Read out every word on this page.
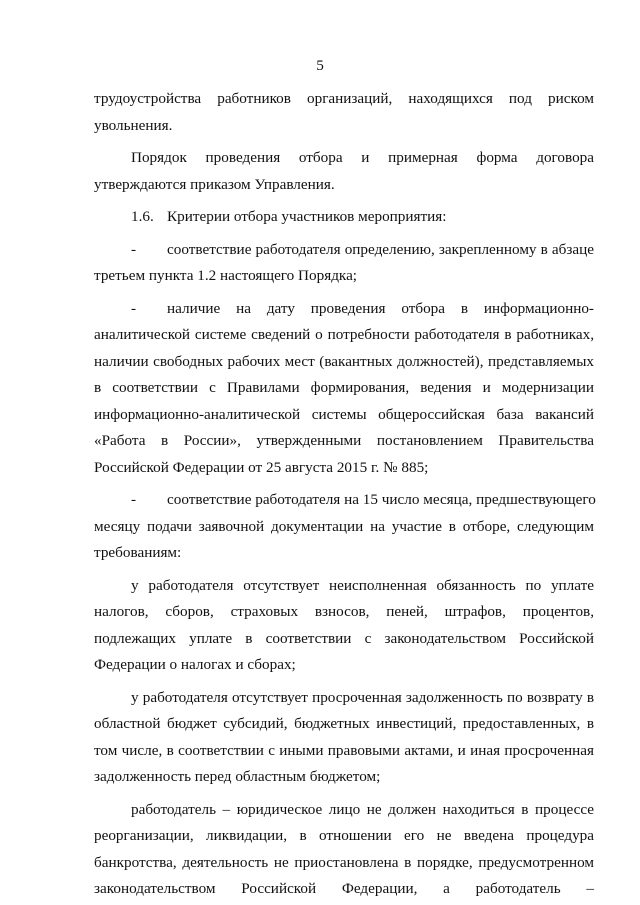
5
трудоустройства работников организаций, находящихся под риском
увольнения.
Порядок проведения отбора и примерная форма договора
утверждаются приказом Управления.
1.6. Критерии отбора участников мероприятия:
- соответствие работодателя определению, закрепленному в абзаце
третьем пункта 1.2 настоящего Порядка;
- наличие на дату проведения отбора в информационно-
аналитической системе сведений о потребности работодателя в работниках,
наличии свободных рабочих мест (вакантных должностей), представляемых
в соответствии с Правилами формирования, ведения и модернизации
информационно-аналитической системы общероссийская база вакансий
«Работа в России», утвержденными постановлением Правительства
Российской Федерации от 25 августа 2015 г. № 885;
- соответствие работодателя на 15 число месяца, предшествующего
месяцу подачи заявочной документации на участие в отборе, следующим
требованиям:
у работодателя отсутствует неисполненная обязанность по уплате
налогов, сборов, страховых взносов, пеней, штрафов, процентов,
подлежащих уплате в соответствии с законодательством Российской
Федерации о налогах и сборах;
у работодателя отсутствует просроченная задолженность по возврату в
областной бюджет субсидий, бюджетных инвестиций, предоставленных, в
том числе, в соответствии с иными правовыми актами, и иная просроченная
задолженность перед областным бюджетом;
работодатель – юридическое лицо не должен находиться в процессе
реорганизации, ликвидации, в отношении его не введена процедура
банкротства, деятельность не приостановлена в порядке, предусмотренном
законодательством Российской Федерации, а работодатель –
